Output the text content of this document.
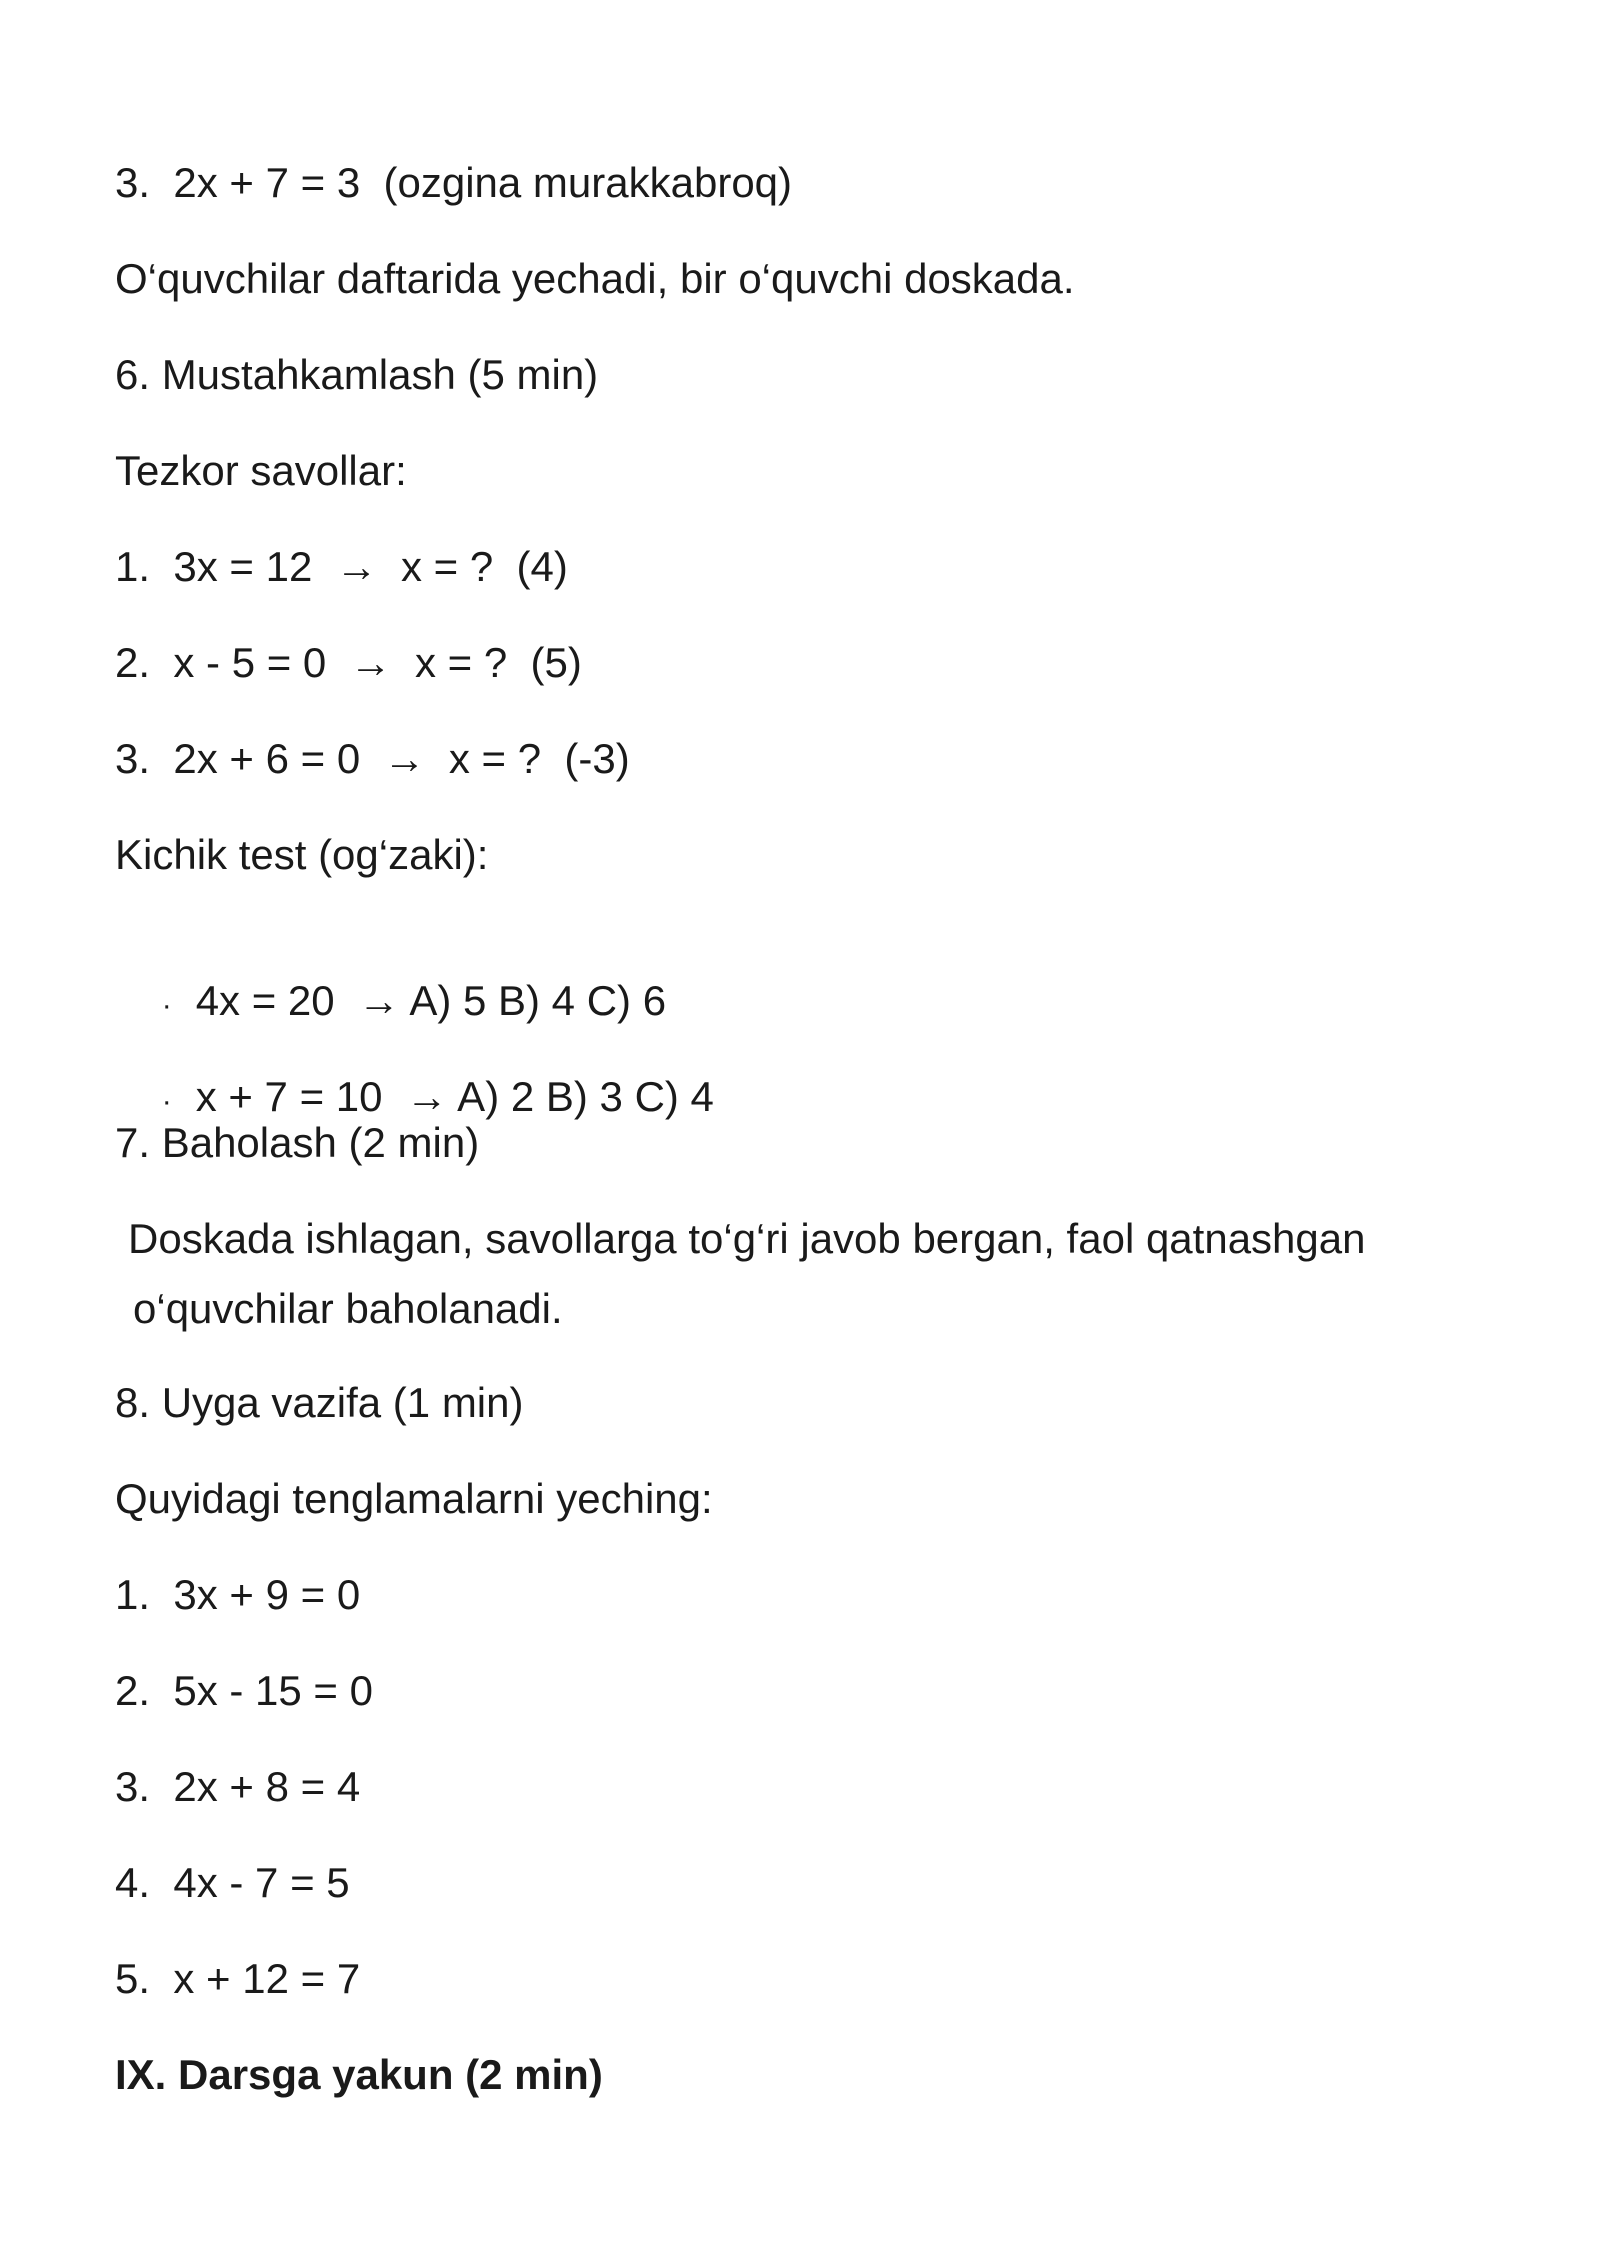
3.  2x + 7 = 3  (ozgina murakkabroq)

O‘quvchilar daftarida yechadi, bir o‘quvchi doskada.

6. Mustahkamlash (5 min)

Tezkor savollar:

1.  3x = 12  →  x = ?  (4)

2.  x - 5 = 0  →  x = ?  (5)

3.  2x + 6 = 0  →  x = ?  (-3)

Kichik test (og‘zaki):

· 4x = 20  → A) 5 B) 4 C) 6

· x + 7 = 10  → A) 2 B) 3 C) 4

7. Baholash (2 min)

Doskada ishlagan, savollarga to‘g‘ri javob bergan, faol qatnashgan

o‘quvchilar baholanadi.

8. Uyga vazifa (1 min)

Quyidagi tenglamalarni yeching:

1.  3x + 9 = 0

2.  5x - 15 = 0

3.  2x + 8 = 4

4.  4x - 7 = 5

5.  x + 12 = 7

IX. Darsga yakun (2 min)
